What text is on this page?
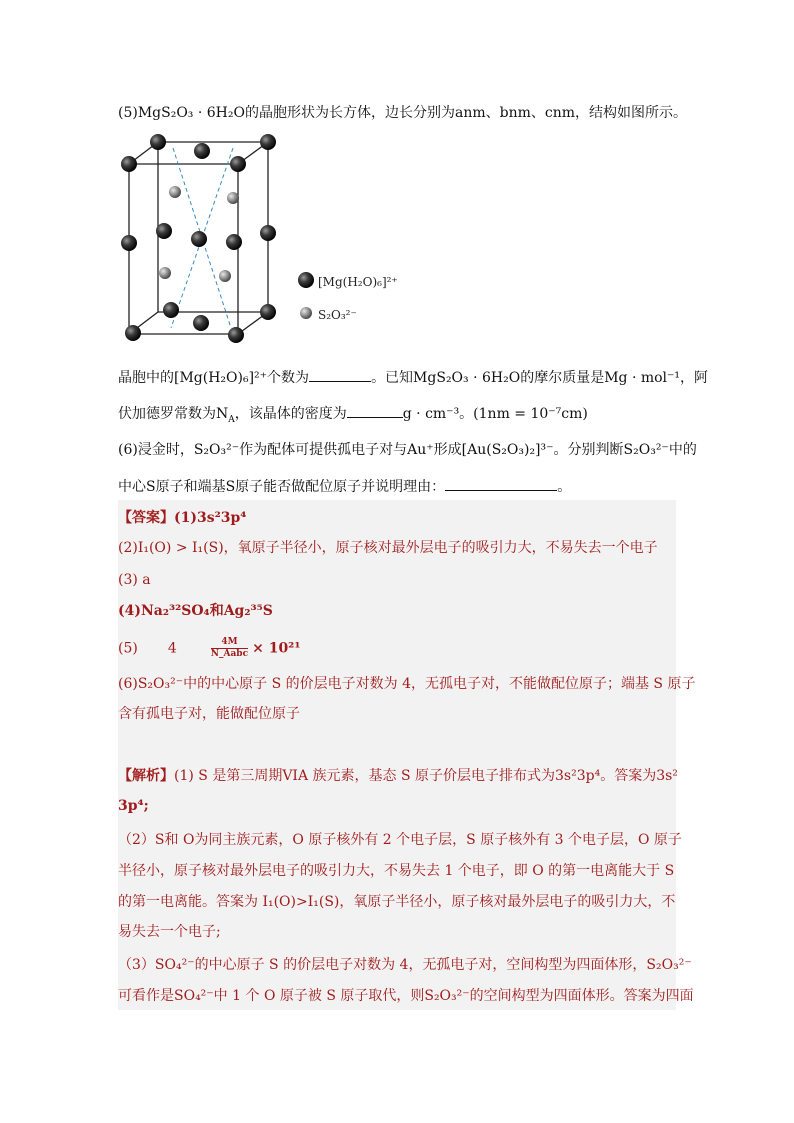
(5)MgS₂O₃ · 6H₂O的晶胞形状为长方体，边长分别为anm、bnm、cnm，结构如图所示。
[Mg(H₂O)₆]²⁺
S₂O₃²⁻
晶胞中的[Mg(H₂O)₆]²⁺个数为	。已知MgS₂O₃ · 6H₂O的摩尔质量是Mg · mol⁻¹，阿
伏加德罗常数为$N_A$，该晶体的密度为	g · cm⁻³。(1nm = 10⁻⁷cm)
(6)浸金时，S₂O₃²⁻作为配体可提供孤电子对与Au⁺形成[Au(S₂O₃)₂]³⁻。分别判断S₂O₃²⁻中的
中心S原子和端基S原子能否做配位原子并说明理由：	。
【答案】(1)3s²3p⁴
(2)I₁(O) > I₁(S)，氧原子半径小，原子核对最外层电子的吸引力大，不易失去一个电子
(3) a
(4)Na₂³²SO₄和Ag₂³⁵S
(5) 4	$\frac{4M}{\text{N\_Aabc}} \times 10^{21}$
(6)S₂O₃²⁻中的中心原子 S 的价层电子对数为 4，无孤电子对，不能做配位原子；端基 S 原子
含有孤电子对，能做配位原子
【解析】(1) S 是第三周期VIA 族元素，基态 S 原子价层电子排布式为3s²3p⁴。答案为3s²
3p⁴;
（2）S和 O为同主族元素，O 原子核外有 2 个电子层，S 原子核外有 3 个电子层，O 原子
半径小，原子核对最外层电子的吸引力大，不易失去 1 个电子，即 O 的第一电离能大于 S
的第一电离能。答案为 I₁(O)>I₁(S)，氧原子半径小，原子核对最外层电子的吸引力大，不
易失去一个电子;
（3）SO₄²⁻的中心原子 S 的价层电子对数为 4，无孤电子对，空间构型为四面体形，S₂O₃²⁻
可看作是SO₄²⁻中 1 个 O 原子被 S 原子取代，则S₂O₃²⁻的空间构型为四面体形。答案为四面
